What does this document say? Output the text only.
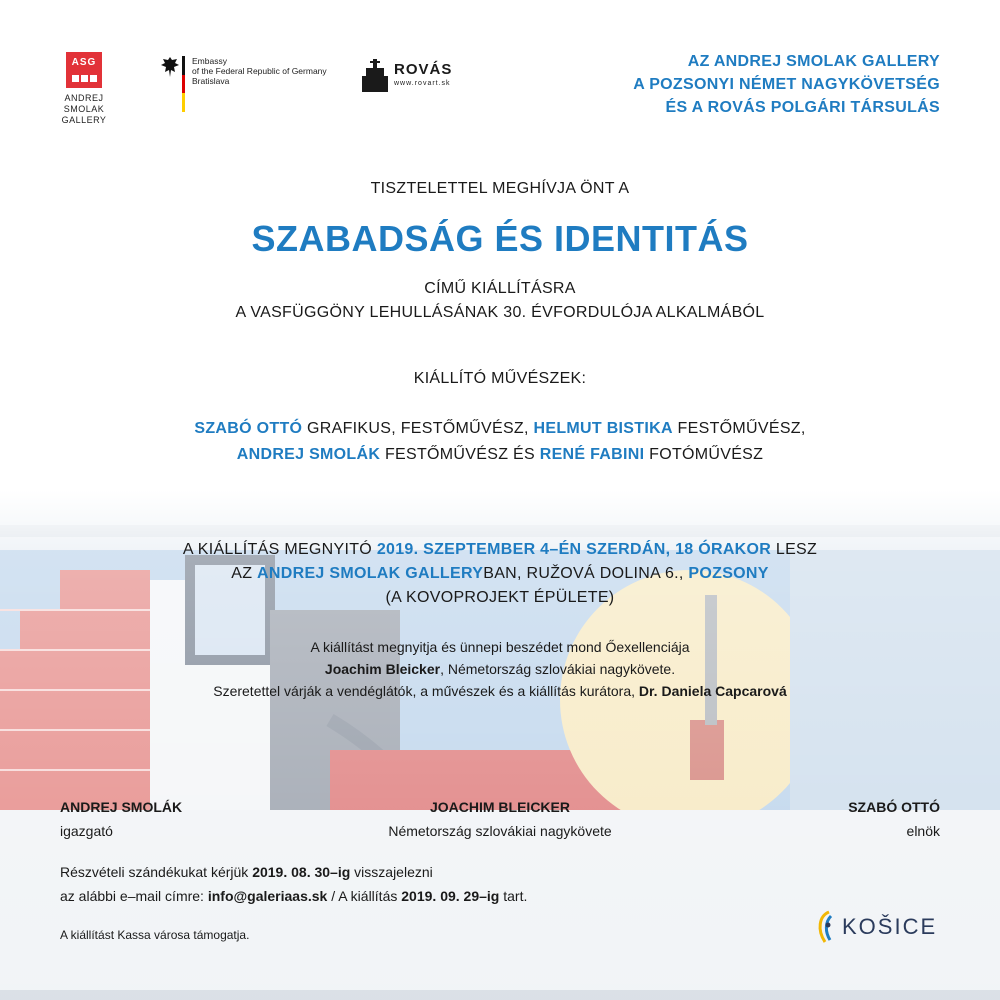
ASG
ANDREJ SMOLAK
GALLERY
Embassy
of the Federal Republic of Germany
Bratislava
ROVÁS
www.rovart.sk
AZ ANDREJ SMOLAK GALLERY
A POZSONYI NÉMET NAGYKÖVETSÉG
ÉS A ROVÁS POLGÁRI TÁRSULÁS
TISZTELETTEL MEGHÍVJA ÖNT A
SZABADSÁG ÉS IDENTITÁS
CÍMŰ KIÁLLÍTÁSRA
A VASFÜGGÖNY LEHULLÁSÁNAK 30. ÉVFORDULÓJA ALKALMÁBÓL
KIÁLLÍTÓ MŰVÉSZEK:
SZABÓ OTTÓ GRAFIKUS, FESTŐMŰVÉSZ, HELMUT BISTIKA FESTŐMŰVÉSZ,
ANDREJ SMOLÁK FESTŐMŰVÉSZ ÉS RENÉ FABINI FOTÓMŰVÉSZ
A KIÁLLÍTÁS MEGNYITÓ 2019. SZEPTEMBER 4–ÉN SZERDÁN, 18 ÓRAKOR LESZ
AZ ANDREJ SMOLAK GALLERYBAN, RUŽOVÁ DOLINA 6., POZSONY
(A KOVOPROJEKT ÉPÜLETE)
A kiállítást megnyitja és ünnepi beszédet mond Őexellenciája
Joachim Bleicker, Németország szlovákiai nagykövete.
Szeretettel várják a vendéglátók, a művészek és a kiállítás kurátora, Dr. Daniela Capcarová
ANDREJ SMOLÁK
igazgató
JOACHIM BLEICKER
Németország szlovákiai nagykövete
SZABÓ OTTÓ
elnök
Részvételi szándékukat kérjük 2019. 08. 30–ig visszajelezni
az alábbi e–mail címre: info@galeriaas.sk / A kiállítás 2019. 09. 29–ig tart.
A kiállítást Kassa városa támogatja.	KOŠICE
